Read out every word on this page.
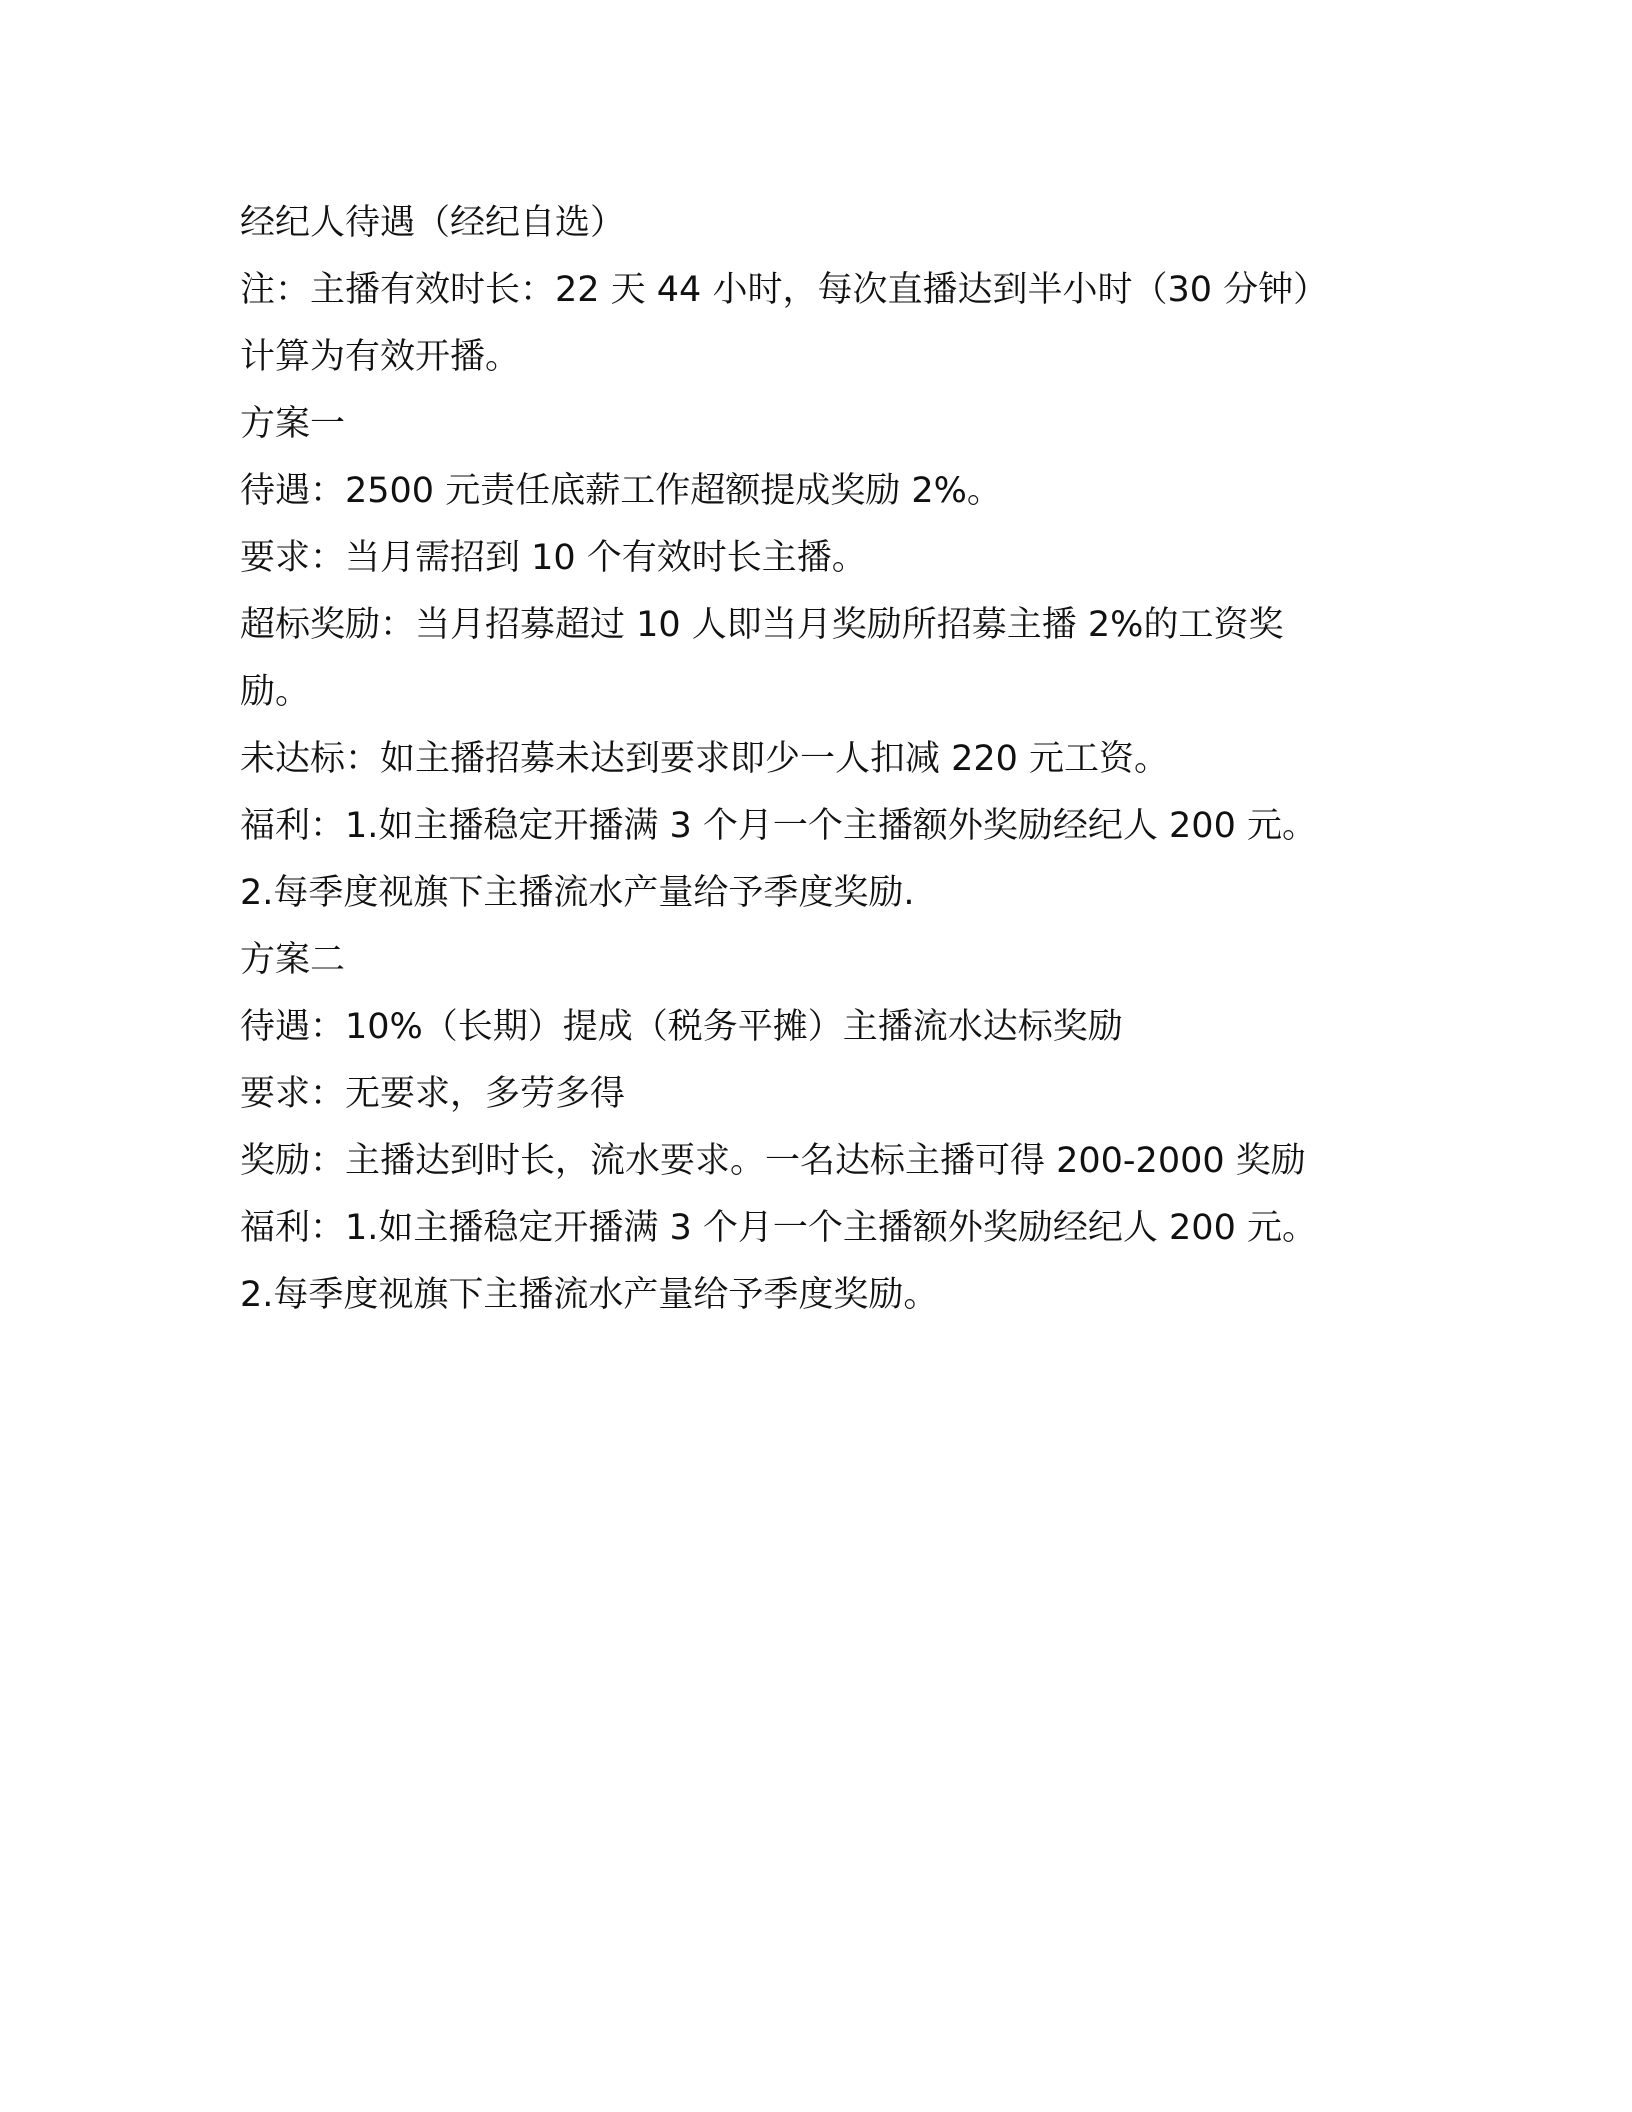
经纪人待遇（经纪自选）
注：主播有效时长：22 天 44 小时，每次直播达到半小时（30 分钟）
计算为有效开播。
方案一
待遇：2500 元责任底薪工作超额提成奖励 2%。
要求：当月需招到 10 个有效时长主播。
超标奖励：当月招募超过 10 人即当月奖励所招募主播 2%的工资奖
励。
未达标：如主播招募未达到要求即少一人扣减 220 元工资。
福利：1.如主播稳定开播满 3 个月一个主播额外奖励经纪人 200 元。
2.每季度视旗下主播流水产量给予季度奖励.
方案二
待遇：10%（长期）提成（税务平摊）主播流水达标奖励
要求：无要求，多劳多得
奖励：主播达到时长，流水要求。一名达标主播可得 200-2000 奖励
福利：1.如主播稳定开播满 3 个月一个主播额外奖励经纪人 200 元。
2.每季度视旗下主播流水产量给予季度奖励。
